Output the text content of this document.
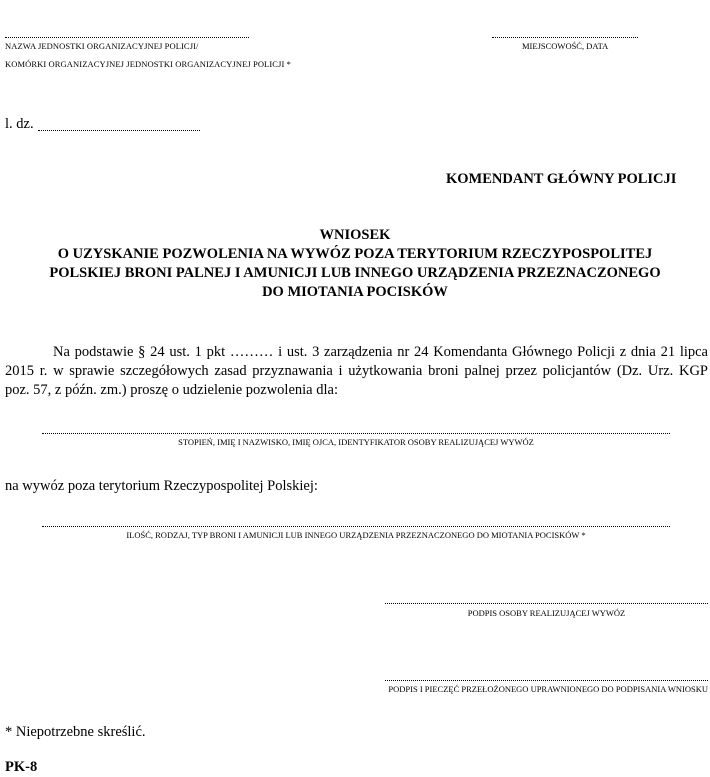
NAZWA JEDNOSTKI ORGANIZACYJNEJ POLICJI/
KOMÓRKI ORGANIZACYJNEJ JEDNOSTKI ORGANIZACYJNEJ POLICJI *
MIEJSCOWOŚĆ, DATA
l. dz.
KOMENDANT GŁÓWNY POLICJI
WNIOSEK
O UZYSKANIE POZWOLENIA NA WYWÓZ POZA TERYTORIUM RZECZYPOSPOLITEJ
POLSKIEJ BRONI PALNEJ I AMUNICJI LUB INNEGO URZĄDZENIA PRZEZNACZONEGO
DO MIOTANIA POCISKÓW
Na podstawie § 24 ust. 1 pkt ……… i ust. 3 zarządzenia nr 24 Komendanta Głównego Policji z dnia 21 lipca
2015 r. w sprawie szczegółowych zasad przyznawania i użytkowania broni palnej przez policjantów (Dz. Urz. KGP
poz. 57, z późn. zm.) proszę o udzielenie pozwolenia dla:
STOPIEŃ, IMIĘ I NAZWISKO, IMIĘ OJCA, IDENTYFIKATOR OSOBY REALIZUJĄCEJ WYWÓZ
na wywóz poza terytorium Rzeczypospolitej Polskiej:
ILOŚĆ, RODZAJ, TYP BRONI I AMUNICJI LUB INNEGO URZĄDZENIA PRZEZNACZONEGO DO MIOTANIA POCISKÓW *
PODPIS OSOBY REALIZUJĄCEJ WYWÓZ
PODPIS I PIECZĘĆ PRZEŁOŻONEGO UPRAWNIONEGO DO PODPISANIA WNIOSKU
* Niepotrzebne skreślić.
PK-8
